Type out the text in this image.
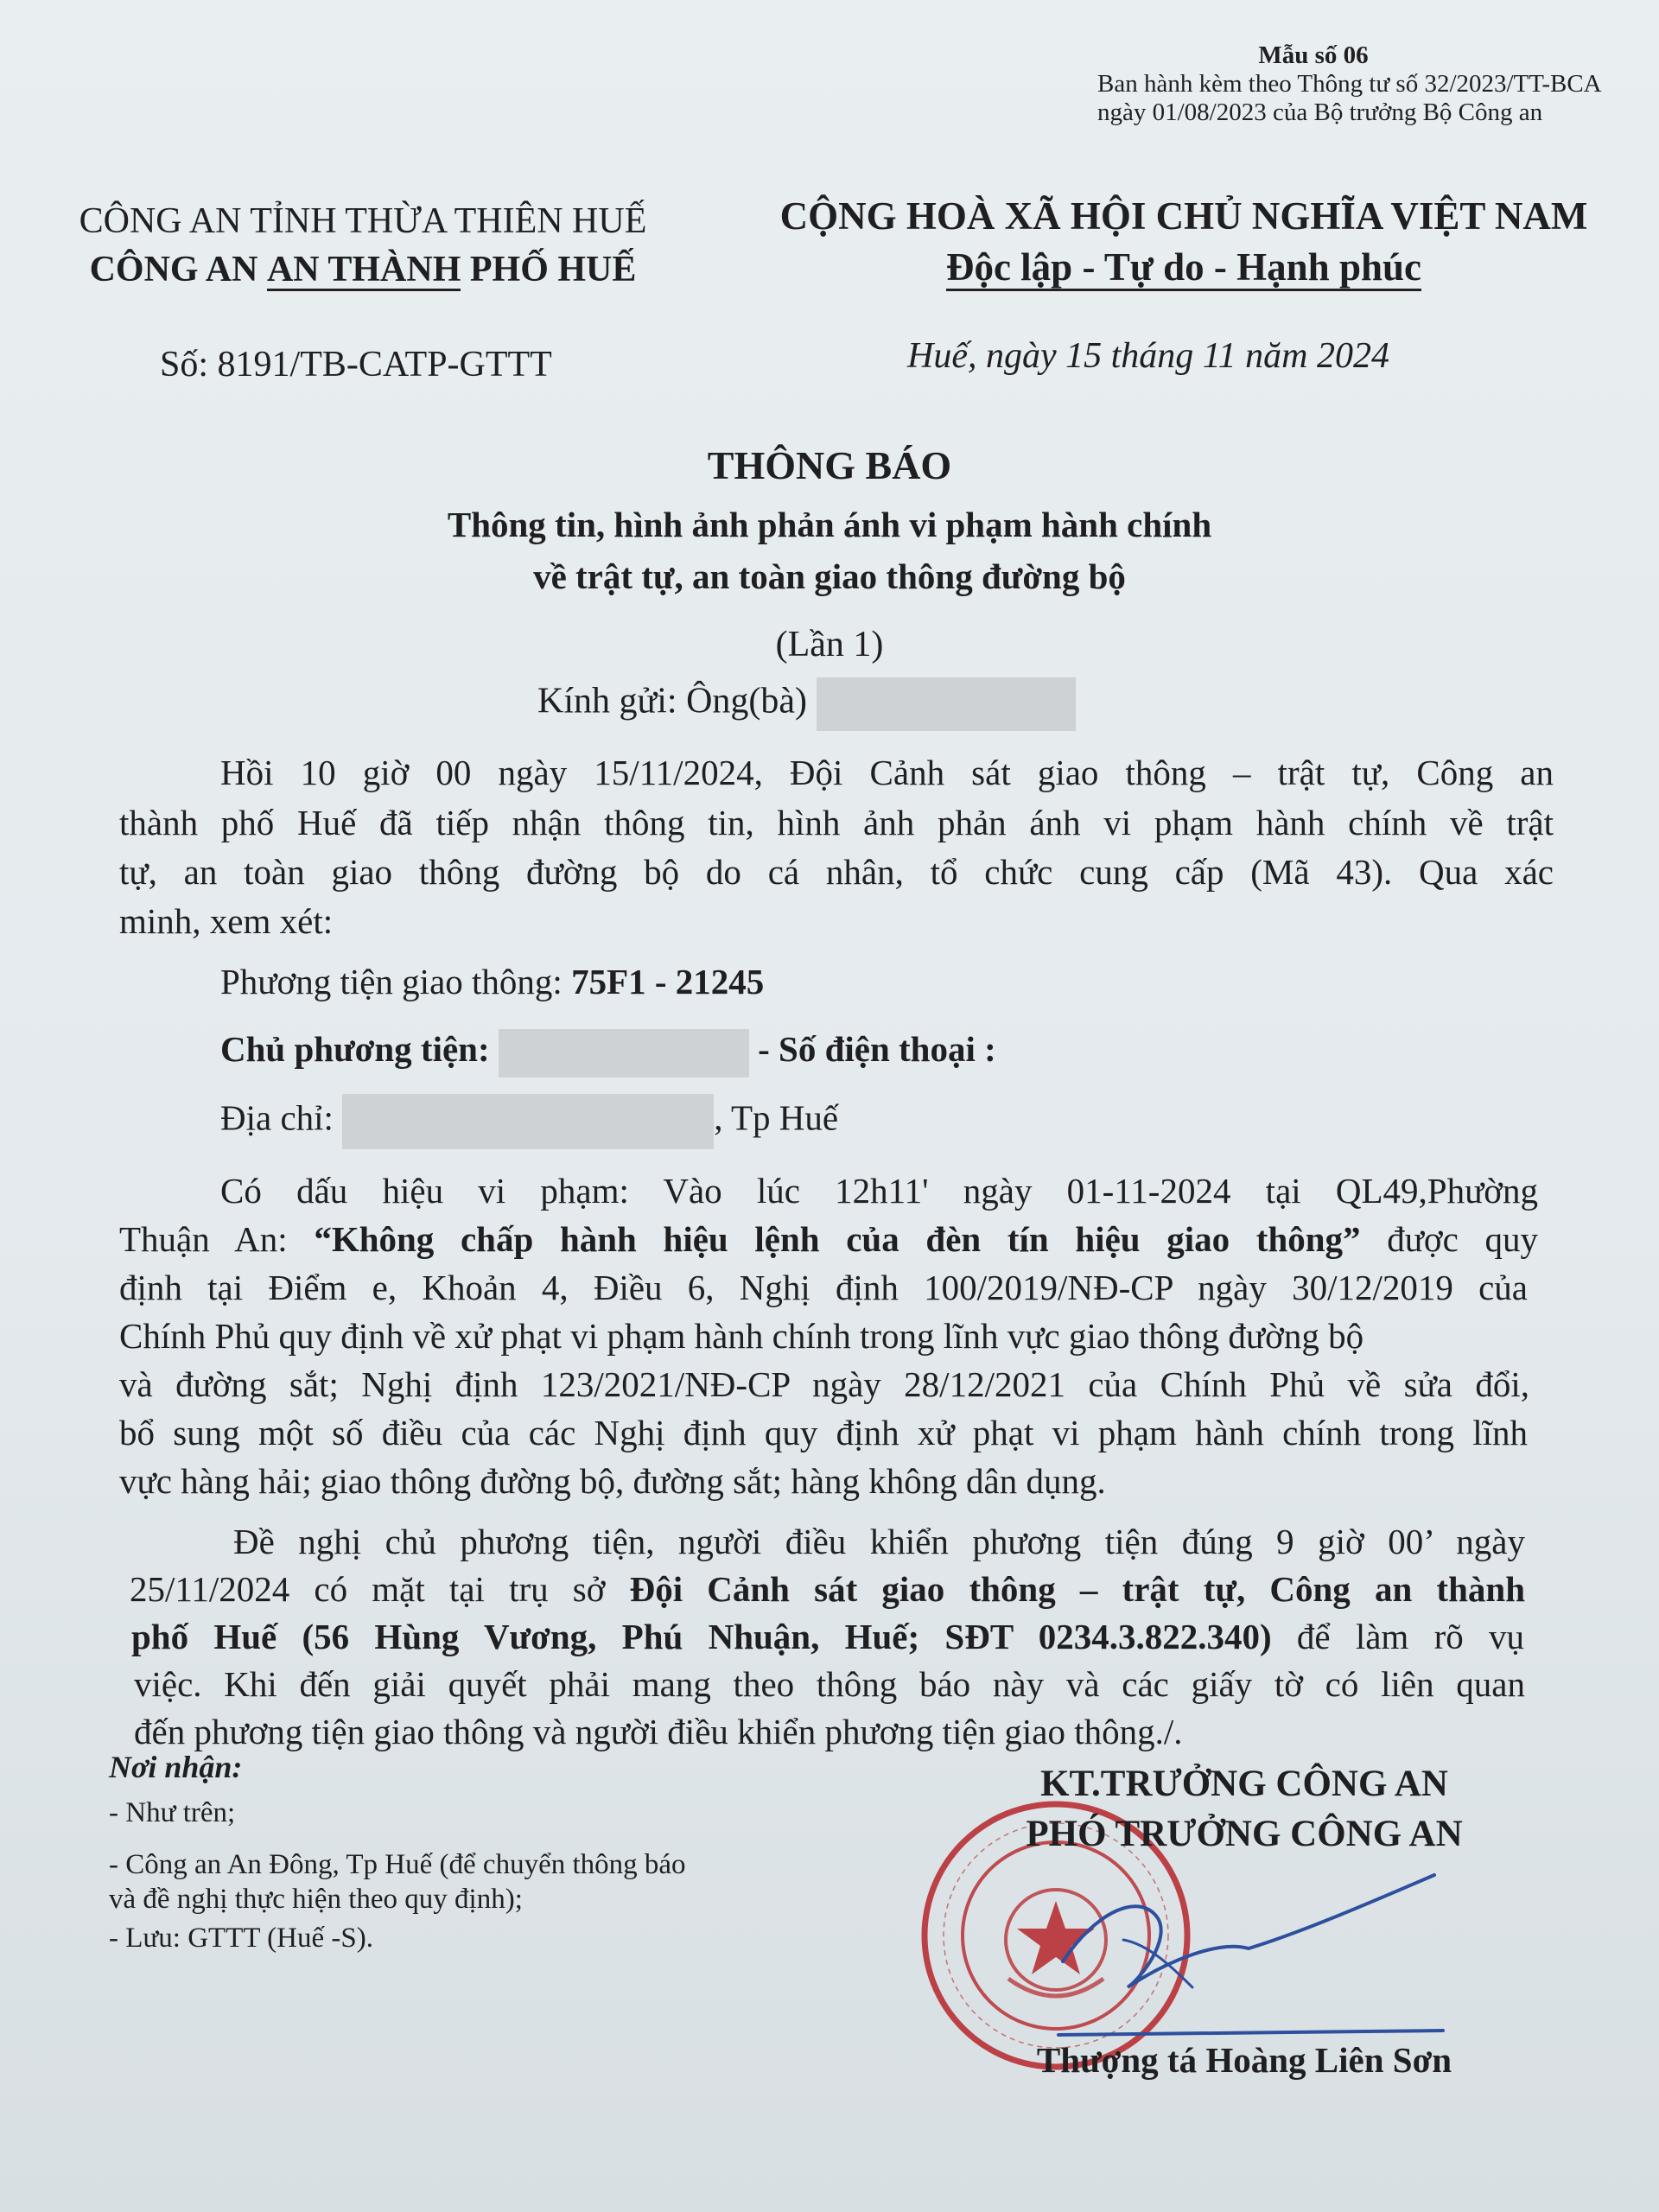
Mẫu số 06
Ban hành kèm theo Thông tư số 32/2023/TT-BCA
ngày 01/08/2023 của Bộ trưởng Bộ Công an
CÔNG AN TỈNH THỪA THIÊN HUẾ
CÔNG AN AN THÀNH PHỐ HUẾ
CỘNG HOÀ XÃ HỘI CHỦ NGHĨA VIỆT NAM
Độc lập - Tự do - Hạnh phúc
Số: 8191/TB-CATP-GTTT	Huế, ngày 15 tháng 11 năm 2024
THÔNG BÁO
Thông tin, hình ảnh phản ánh vi phạm hành chính
về trật tự, an toàn giao thông đường bộ
(Lần 1)
Kính gửi: Ông(bà)
Hồi 10 giờ 00 ngày 15/11/2024, Đội Cảnh sát giao thông – trật tự, Công an
thành phố Huế đã tiếp nhận thông tin, hình ảnh phản ánh vi phạm hành chính về trật
tự, an toàn giao thông đường bộ do cá nhân, tổ chức cung cấp (Mã 43). Qua xác
minh, xem xét:
Phương tiện giao thông: 75F1 - 21245
Chủ phương tiện:	- Số điện thoại :
Địa chỉ:	, Tp Huế
Có dấu hiệu vi phạm: Vào lúc 12h11' ngày 01-11-2024 tại QL49,Phường
Thuận An: “Không chấp hành hiệu lệnh của đèn tín hiệu giao thông” được quy
định tại Điểm e, Khoản 4, Điều 6, Nghị định 100/2019/NĐ-CP ngày 30/12/2019 của
Chính Phủ quy định về xử phạt vi phạm hành chính trong lĩnh vực giao thông đường bộ
và đường sắt; Nghị định 123/2021/NĐ-CP ngày 28/12/2021 của Chính Phủ về sửa đổi,
bổ sung một số điều của các Nghị định quy định xử phạt vi phạm hành chính trong lĩnh
vực hàng hải; giao thông đường bộ, đường sắt; hàng không dân dụng.
Đề nghị chủ phương tiện, người điều khiển phương tiện đúng 9 giờ 00’ ngày
25/11/2024 có mặt tại trụ sở Đội Cảnh sát giao thông – trật tự, Công an thành
phố Huế (56 Hùng Vương, Phú Nhuận, Huế; SĐT 0234.3.822.340) để làm rõ vụ
việc. Khi đến giải quyết phải mang theo thông báo này và các giấy tờ có liên quan
đến phương tiện giao thông và người điều khiển phương tiện giao thông./.
Nơi nhận:
- Như trên;
- Công an An Đông, Tp Huế (để chuyển thông báo
và đề nghị thực hiện theo quy định);
- Lưu: GTTT (Huế -S).
KT.TRƯỞNG CÔNG AN
PHÓ TRƯỞNG CÔNG AN
Thượng tá Hoàng Liên Sơn
